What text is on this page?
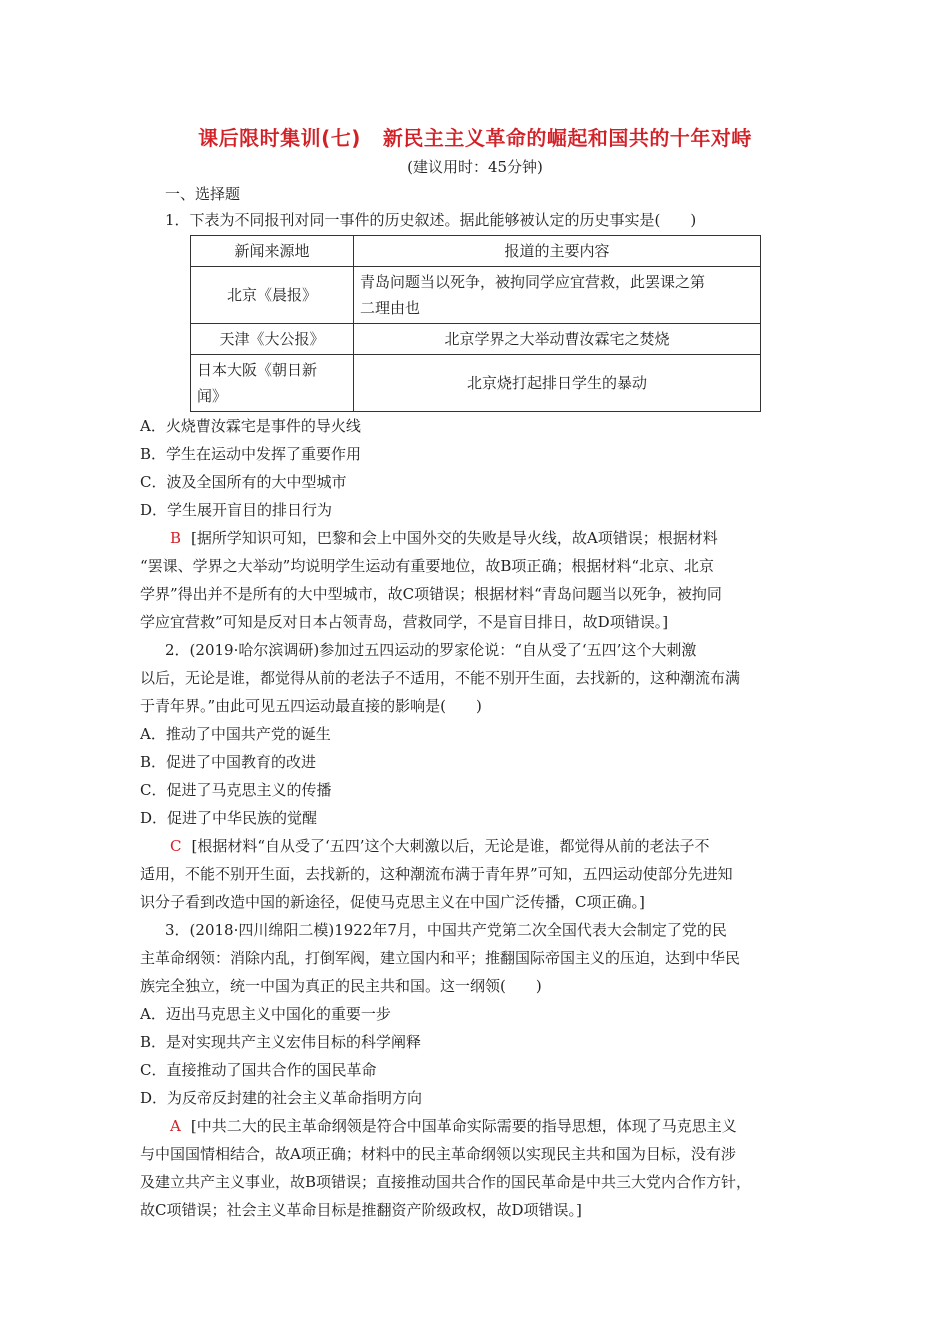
课后限时集训(七) 新民主主义革命的崛起和国共的十年对峙
(建议用时：45分钟)
一、选择题
1．下表为不同报刊对同一事件的历史叙述。据此能够被认定的历史事实是(　　)
新闻来源地	报道的主要内容
北京《晨报》	青岛问题当以死争，被拘同学应宜营救，此罢课之第
二理由也
天津《大公报》	北京学界之大举动曹汝霖宅之焚烧
日本大阪《朝日新
闻》	北京烧打起排日学生的暴动
A．火烧曹汝霖宅是事件的导火线
B．学生在运动中发挥了重要作用
C．波及全国所有的大中型城市
D．学生展开盲目的排日行为
B [据所学知识可知，巴黎和会上中国外交的失败是导火线，故A项错误；根据材料
“罢课、学界之大举动”均说明学生运动有重要地位，故B项正确；根据材料“北京、北京
学界”得出并不是所有的大中型城市，故C项错误；根据材料“青岛问题当以死争，被拘同
学应宜营救”可知是反对日本占领青岛，营救同学，不是盲目排日，故D项错误。]
2．(2019·哈尔滨调研)参加过五四运动的罗家伦说：“自从受了‘五四’这个大刺激
以后，无论是谁，都觉得从前的老法子不适用，不能不别开生面，去找新的，这种潮流布满
于青年界。”由此可见五四运动最直接的影响是(　　)
A．推动了中国共产党的诞生
B．促进了中国教育的改进
C．促进了马克思主义的传播
D．促进了中华民族的觉醒
C [根据材料“自从受了‘五四’这个大刺激以后，无论是谁，都觉得从前的老法子不
适用，不能不别开生面，去找新的，这种潮流布满于青年界”可知，五四运动使部分先进知
识分子看到改造中国的新途径，促使马克思主义在中国广泛传播，C项正确。]
3．(2018·四川绵阳二模)1922年7月，中国共产党第二次全国代表大会制定了党的民
主革命纲领：消除内乱，打倒军阀，建立国内和平；推翻国际帝国主义的压迫，达到中华民
族完全独立，统一中国为真正的民主共和国。这一纲领(　　)
A．迈出马克思主义中国化的重要一步
B．是对实现共产主义宏伟目标的科学阐释
C．直接推动了国共合作的国民革命
D．为反帝反封建的社会主义革命指明方向
A [中共二大的民主革命纲领是符合中国革命实际需要的指导思想，体现了马克思主义
与中国国情相结合，故A项正确；材料中的民主革命纲领以实现民主共和国为目标，没有涉
及建立共产主义事业，故B项错误；直接推动国共合作的国民革命是中共三大党内合作方针，
故C项错误；社会主义革命目标是推翻资产阶级政权，故D项错误。]
